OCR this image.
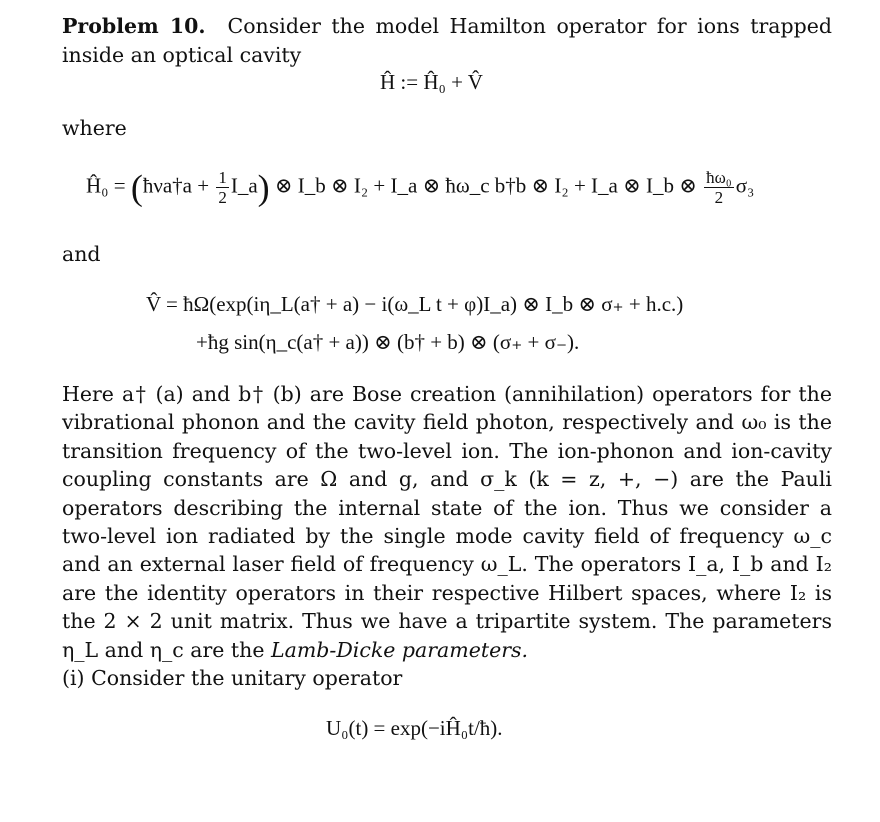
Problem 10. Consider the model Hamilton operator for ions trapped inside an optical cavity
Ĥ := Ĥ₀ + V̂
where
Ĥ₀ = (ħνa†a + $\frac{1}{2}$ I_a) ⊗ I_b ⊗ I₂ + I_a ⊗ ħω_c b†b ⊗ I₂ + I_a ⊗ I_b ⊗ $\frac{\text{ħω₀}}{2} \sigma_3$
and
V̂ = ħΩ(exp(iη_L(a† + a) − i(ω_L t + φ)I_a) ⊗ I_b ⊗ σ₊ + h.c.)
+ħg sin(η_c(a† + a)) ⊗ (b† + b) ⊗ (σ₊ + σ₋).
Here a† (a) and b† (b) are Bose creation (annihilation) operators for the vibrational phonon and the cavity field photon, respectively and ω₀ is the transition frequency of the two-level ion. The ion-phonon and ion-cavity coupling constants are Ω and g, and σ_k (k = z, +, −) are the Pauli operators describing the internal state of the ion. Thus we consider a two-level ion radiated by the single mode cavity field of frequency ω_c and an external laser field of frequency ω_L. The operators I_a, I_b and I₂ are the identity operators in their respective Hilbert spaces, where I₂ is the 2 × 2 unit matrix. Thus we have a tripartite system. The parameters η_L and η_c are the Lamb-Dicke parameters.
(i) Consider the unitary operator
U₀(t) = exp(−iĤ₀t/ħ).
